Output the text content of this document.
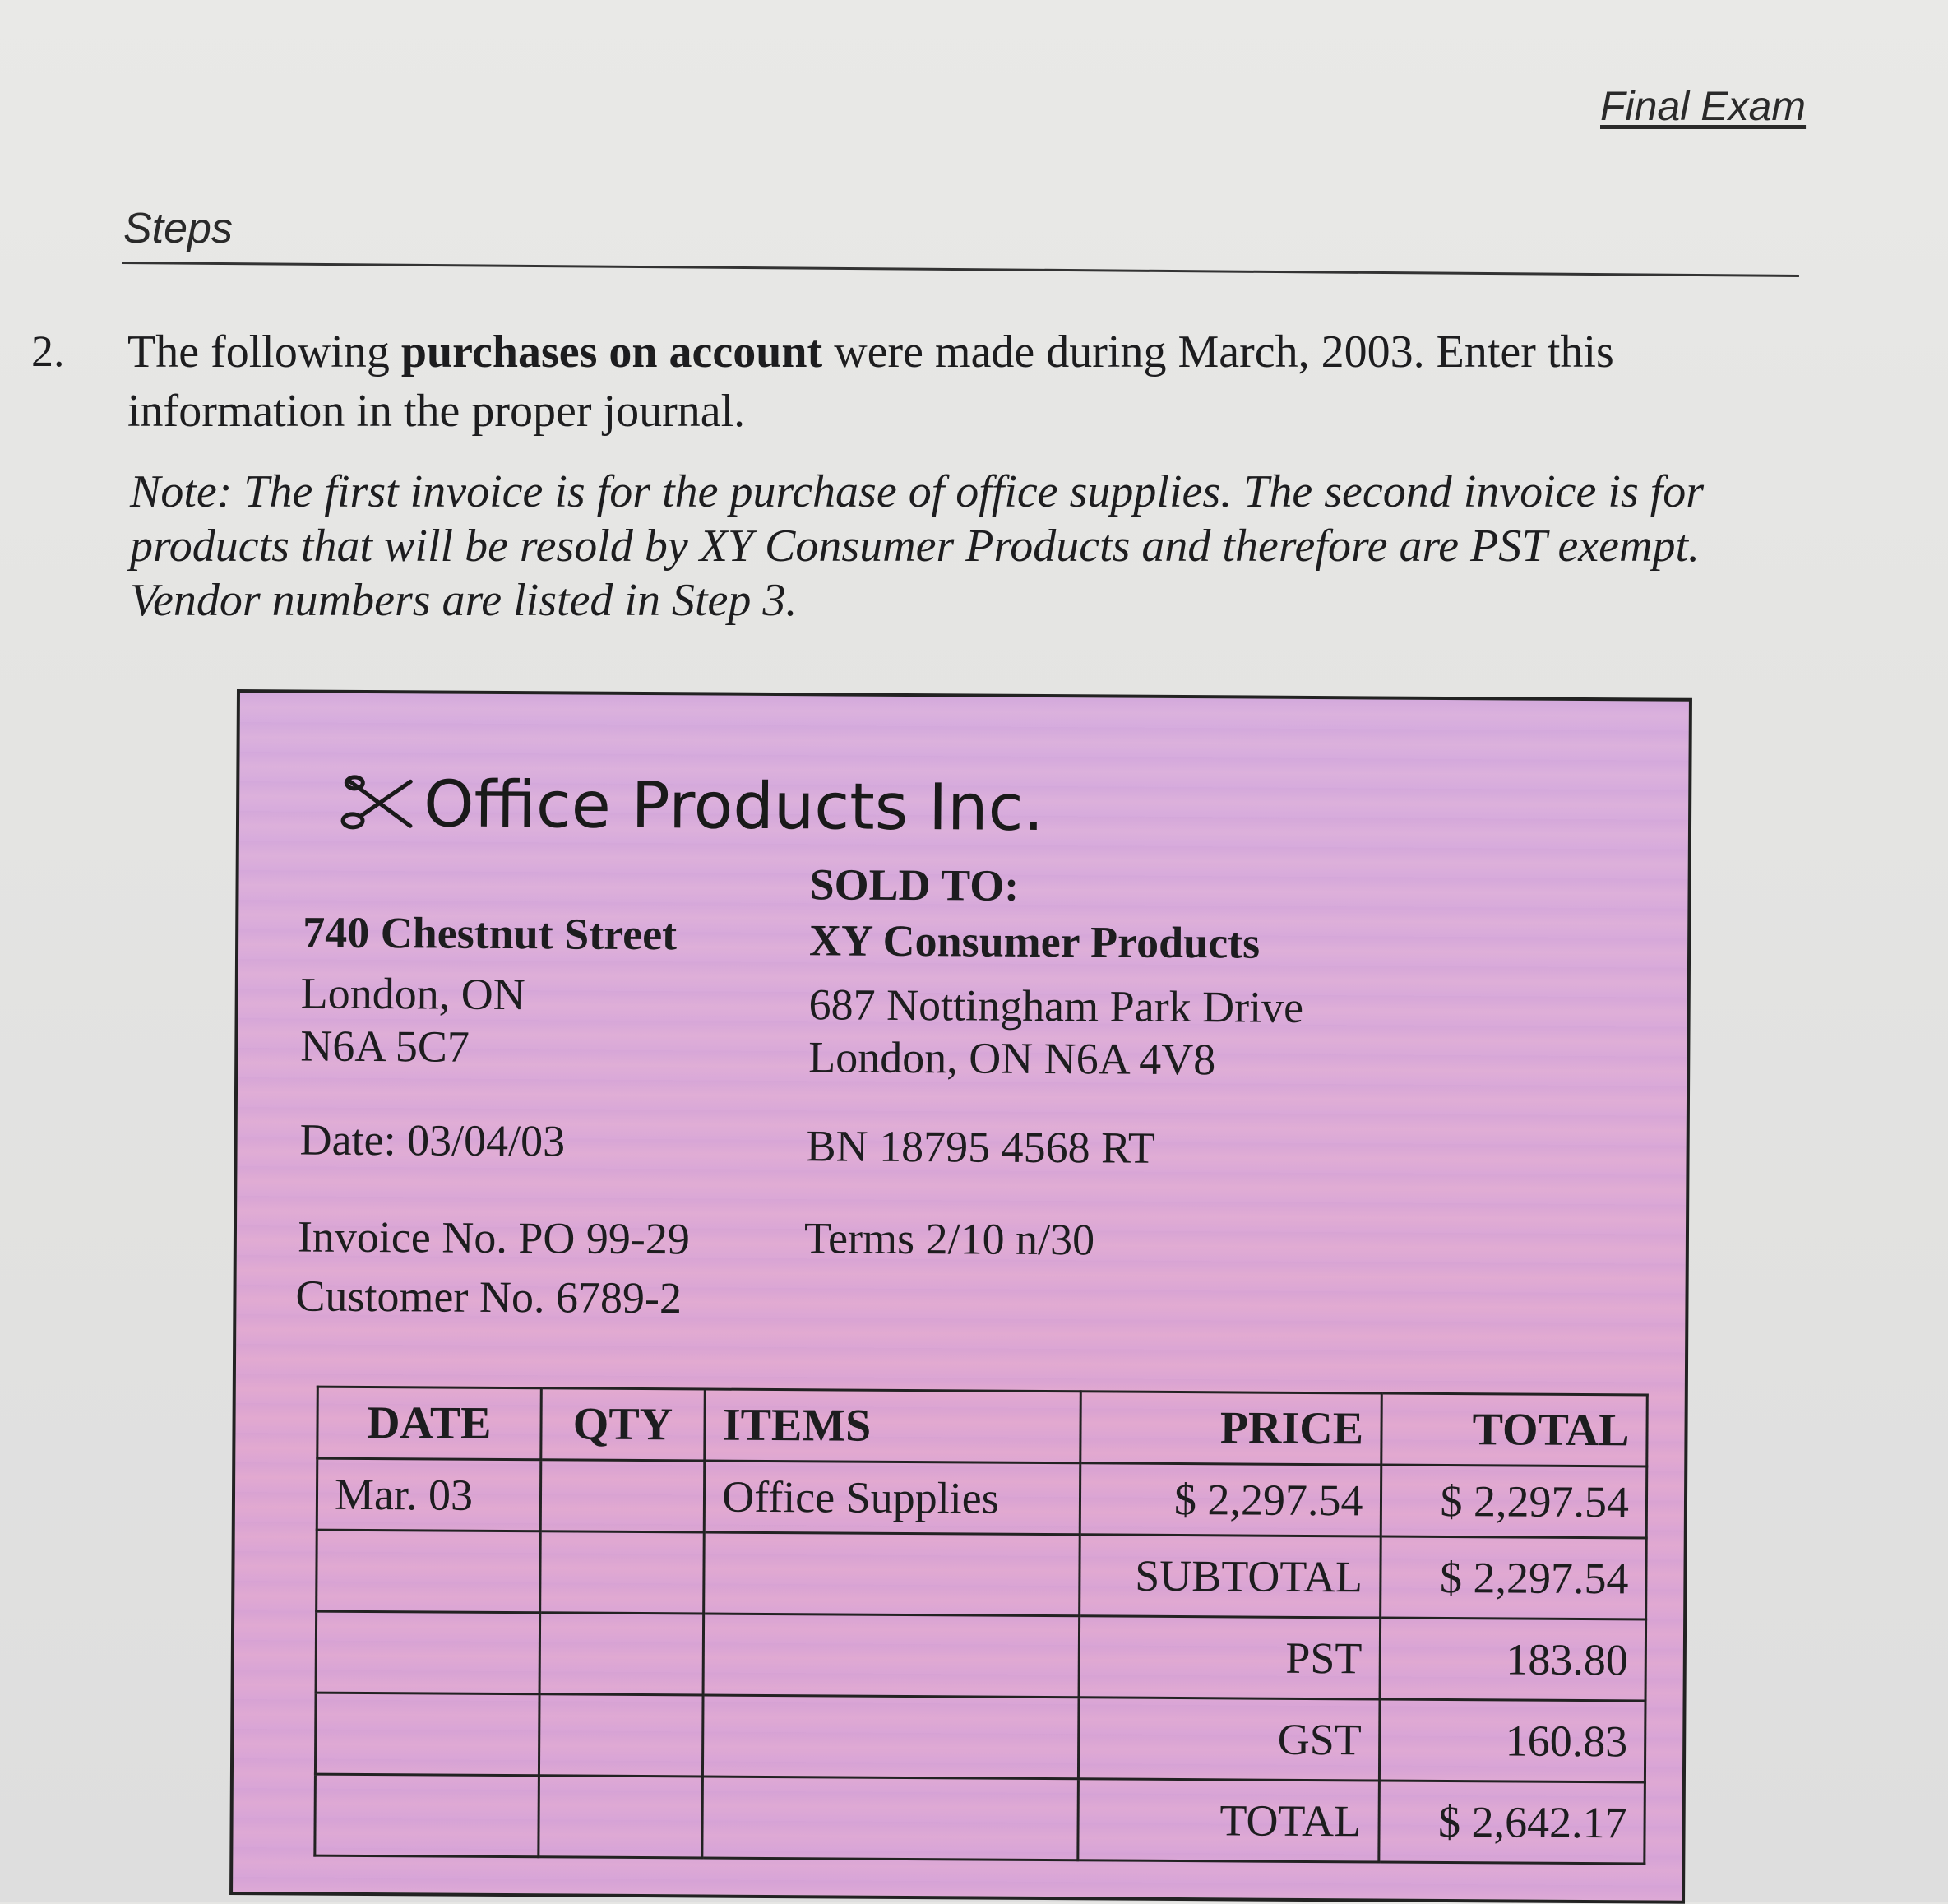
Final Exam
Steps
2. The following purchases on account were made during March, 2003. Enter this information in the proper journal.
Note: The first invoice is for the purchase of office supplies. The second invoice is for products that will be resold by XY Consumer Products and therefore are PST exempt. Vendor numbers are listed in Step 3.
Office Products Inc.
SOLD TO:
740 Chestnut Street	XY Consumer Products
London, ON	687 Nottingham Park Drive
N6A 5C7	London, ON N6A 4V8
Date: 03/04/03	BN 18795 4568 RT
Invoice No. PO 99-29	Terms 2/10 n/30
Customer No. 6789-2
DATE	QTY	ITEMS	PRICE	TOTAL
Mar. 03		Office Supplies	$ 2,297.54	$ 2,297.54
			SUBTOTAL	$ 2,297.54
			PST	183.80
			GST	160.83
			TOTAL	$ 2,642.17
